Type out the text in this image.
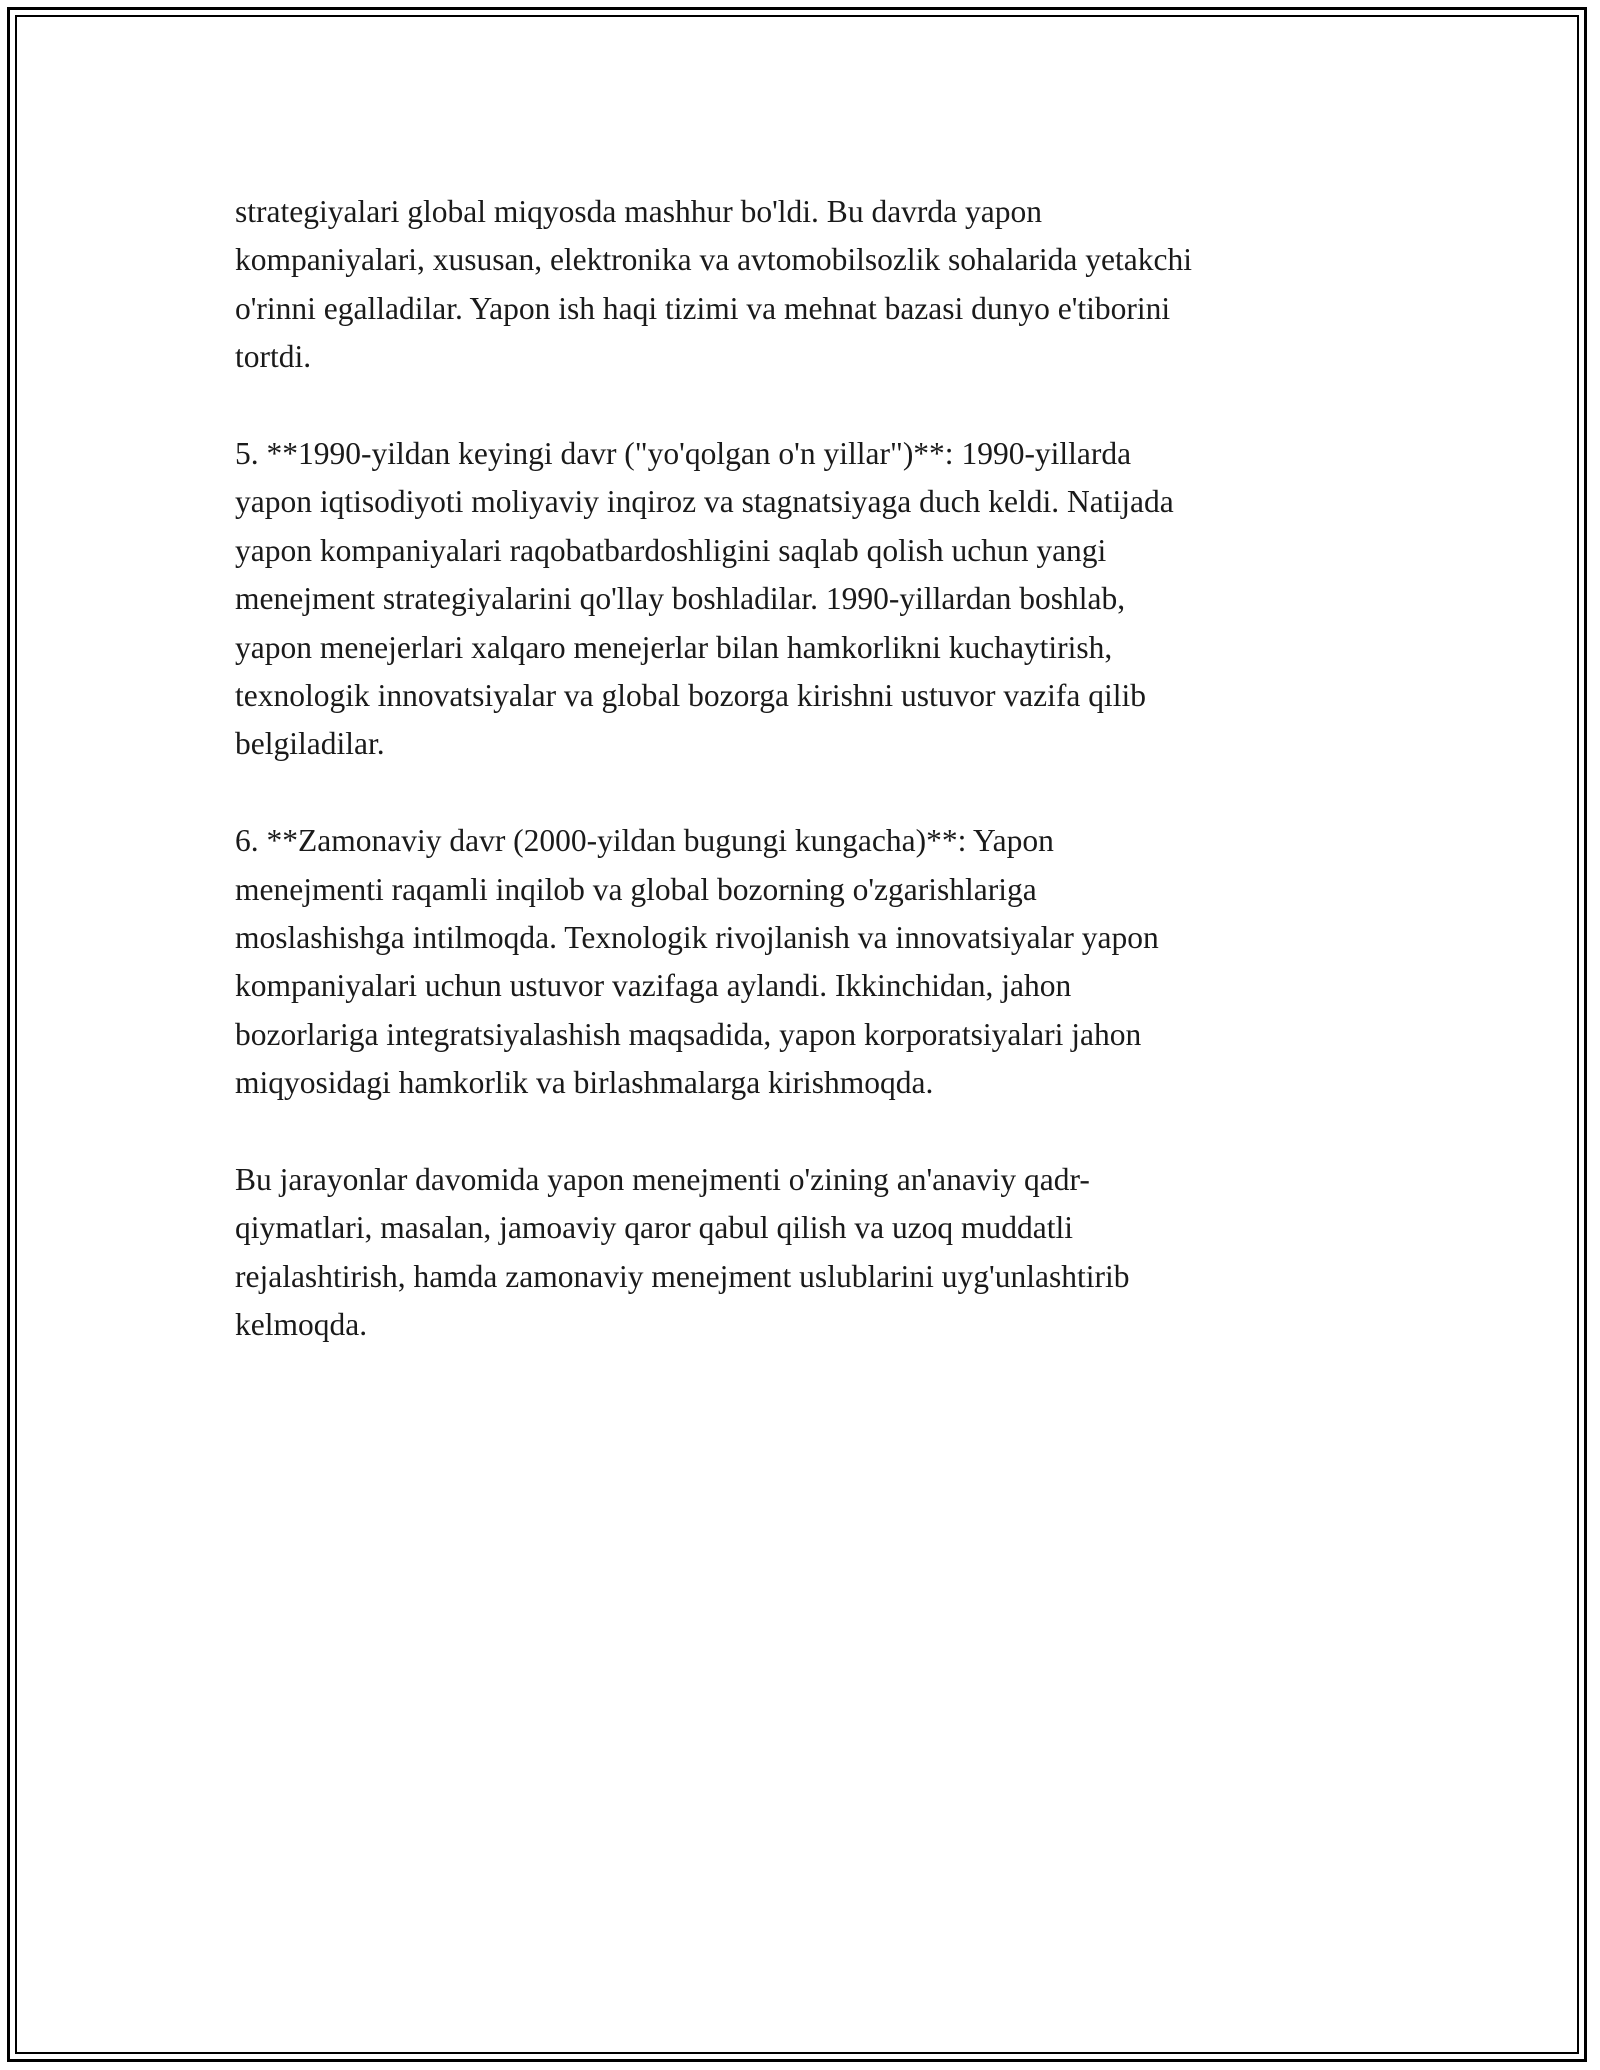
strategiyalari global miqyosda mashhur bo'ldi. Bu davrda yapon
kompaniyalari, xususan, elektronika va avtomobilsozlik sohalarida yetakchi
o'rinni egalladilar. Yapon ish haqi tizimi va mehnat bazasi dunyo e'tiborini
tortdi.

5. **1990-yildan keyingi davr ("yo'qolgan o'n yillar")**: 1990-yillarda
yapon iqtisodiyoti moliyaviy inqiroz va stagnatsiyaga duch keldi. Natijada
yapon kompaniyalari raqobatbardoshligini saqlab qolish uchun yangi
menejment strategiyalarini qo'llay boshladilar. 1990-yillardan boshlab,
yapon menejerlari xalqaro menejerlar bilan hamkorlikni kuchaytirish,
texnologik innovatsiyalar va global bozorga kirishni ustuvor vazifa qilib
belgiladilar.

6. **Zamonaviy davr (2000-yildan bugungi kungacha)**: Yapon
menejmenti raqamli inqilob va global bozorning o'zgarishlariga
moslashishga intilmoqda. Texnologik rivojlanish va innovatsiyalar yapon
kompaniyalari uchun ustuvor vazifaga aylandi. Ikkinchidan, jahon
bozorlariga integratsiyalashish maqsadida, yapon korporatsiyalari jahon
miqyosidagi hamkorlik va birlashmalarga kirishmoqda.

Bu jarayonlar davomida yapon menejmenti o'zining an'anaviy qadr-
qiymatlari, masalan, jamoaviy qaror qabul qilish va uzoq muddatli
rejalashtirish, hamda zamonaviy menejment uslublarini uyg'unlashtirib
kelmoqda.
